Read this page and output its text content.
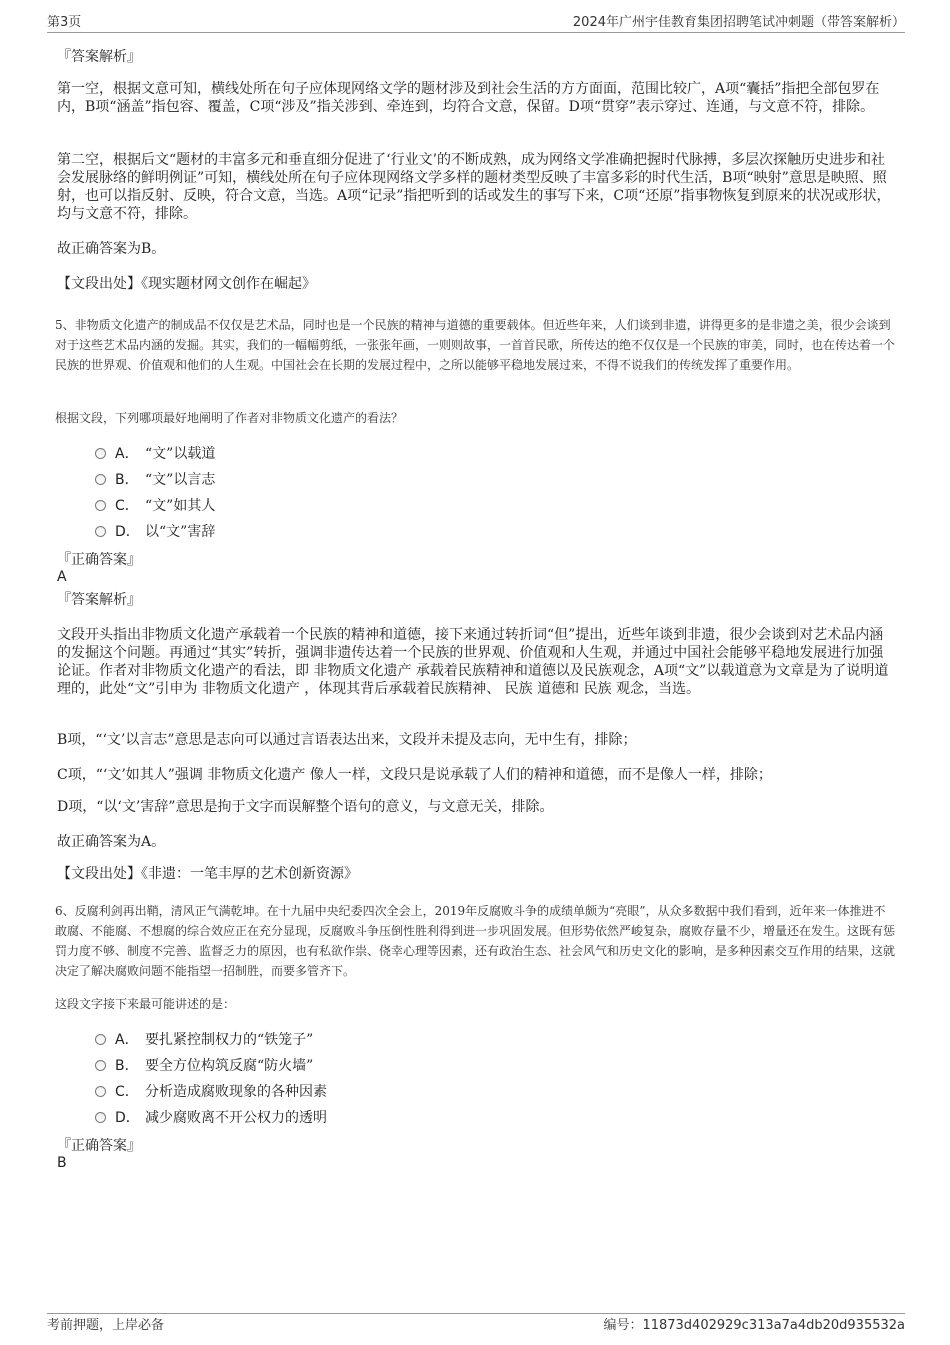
第3页	2024年广州宇佳教育集团招聘笔试冲刺题（带答案解析）
『答案解析』
第一空，根据文意可知，横线处所在句子应体现网络文学的题材涉及到社会生活的方方面面，范围比较广，A项“囊括”指把全部包罗在内，B项“涵盖”指包容、覆盖，C项“涉及”指关涉到、牵连到，均符合文意，保留。D项“贯穿”表示穿过、连通，与文意不符，排除。
第二空，根据后文“题材的丰富多元和垂直细分促进了‘行业文’的不断成熟，成为网络文学准确把握时代脉搏，多层次探触历史进步和社会发展脉络的鲜明例证”可知，横线处所在句子应体现网络文学多样的题材类型反映了丰富多彩的时代生活，B项“映射”意思是映照、照射，也可以指反射、反映，符合文意，当选。A项“记录”指把听到的话或发生的事写下来，C项“还原”指事物恢复到原来的状况或形状，均与文意不符，排除。
故正确答案为B。
【文段出处】《现实题材网文创作在崛起》
5、非物质文化遗产的制成品不仅仅是艺术品，同时也是一个民族的精神与道德的重要载体。但近些年来，人们谈到非遗，讲得更多的是非遗之美，很少会谈到对于这些艺术品内涵的发掘。其实，我们的一幅幅剪纸，一张张年画，一则则故事，一首首民歌，所传达的绝不仅仅是一个民族的审美，同时，也在传达着一个民族的世界观、价值观和他们的人生观。中国社会在长期的发展过程中，之所以能够平稳地发展过来，不得不说我们的传统发挥了重要作用。
根据文段，下列哪项最好地阐明了作者对非物质文化遗产的看法？
A． “文”以载道
B． “文”以言志
C． “文”如其人
D． 以“文”害辞
『正确答案』
A
『答案解析』
文段开头指出非物质文化遗产承载着一个民族的精神和道德，接下来通过转折词“但”提出，近些年谈到非遗，很少会谈到对艺术品内涵的发掘这个问题。再通过“其实”转折，强调非遗传达着一个民族的世界观、价值观和人生观，并通过中国社会能够平稳地发展进行加强论证。作者对非物质文化遗产的看法，即 非物质文化遗产 承载着民族精神和道德以及民族观念，A项“文”以载道意为文章是为了说明道理的，此处“文”引申为 非物质文化遗产 ，体现其背后承载着民族精神、 民族 道德和 民族 观念，当选。
B项，“‘文’以言志”意思是志向可以通过言语表达出来，文段并未提及志向，无中生有，排除；
C项，“‘文’如其人”强调 非物质文化遗产 像人一样，文段只是说承载了人们的精神和道德，而不是像人一样，排除；
D项，“以‘文’害辞”意思是拘于文字而误解整个语句的意义，与文意无关，排除。
故正确答案为A。
【文段出处】《非遗：一笔丰厚的艺术创新资源》
6、反腐利剑再出鞘，清风正气满乾坤。在十九届中央纪委四次全会上，2019年反腐败斗争的成绩单颇为“亮眼”，从众多数据中我们看到，近年来一体推进不敢腐、不能腐、不想腐的综合效应正在充分显现，反腐败斗争压倒性胜利得到进一步巩固发展。但形势依然严峻复杂，腐败存量不少，增量还在发生。这既有惩罚力度不够、制度不完善、监督乏力的原因，也有私欲作祟、侥幸心理等因素，还有政治生态、社会风气和历史文化的影响，是多种因素交互作用的结果，这就决定了解决腐败问题不能指望一招制胜，而要多管齐下。
这段文字接下来最可能讲述的是：
A． 要扎紧控制权力的“铁笼子”
B． 要全方位构筑反腐“防火墙”
C． 分析造成腐败现象的各种因素
D． 减少腐败离不开公权力的透明
『正确答案』
B
考前押题，上岸必备	编号：11873d402929c313a7a4db20d935532a
